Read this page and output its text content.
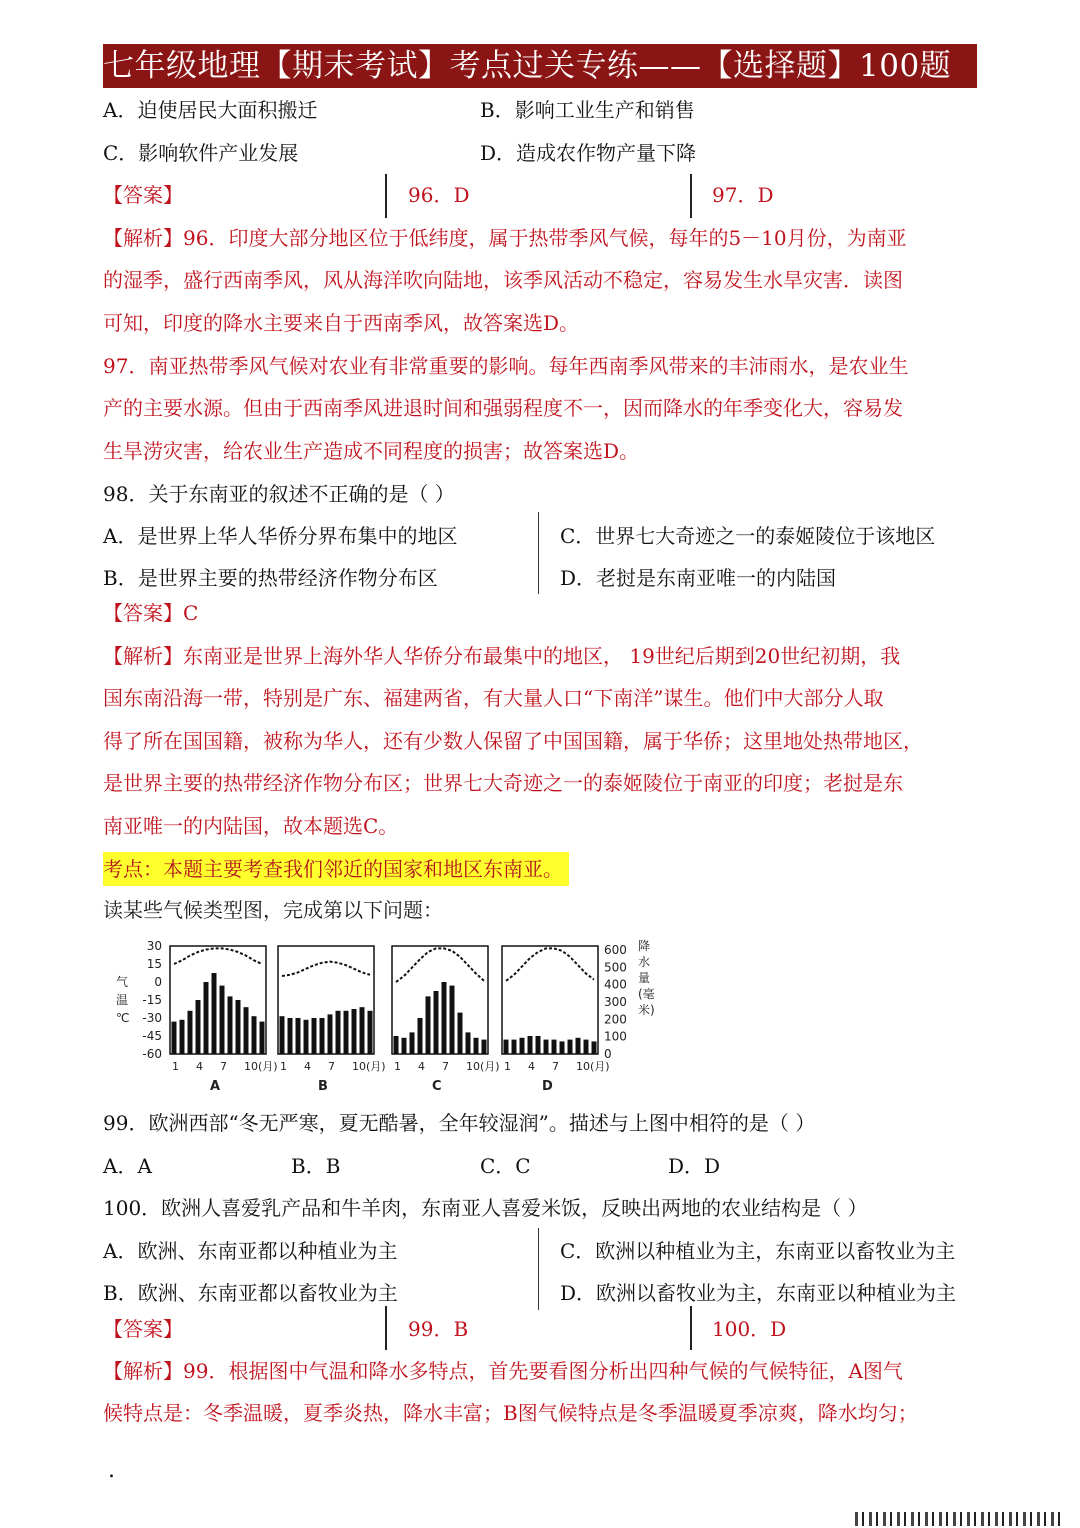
七年级地理【期末考试】考点过关专练——【选择题】100题
A．迫使居民大面积搬迁	B．影响工业生产和销售
C．影响软件产业发展	D．造成农作物产量下降
【答案】	96．D	97．D
【解析】96．印度大部分地区位于低纬度，属于热带季风气候，每年的5－10月份，为南亚
的湿季，盛行西南季风，风从海洋吹向陆地，该季风活动不稳定，容易发生水旱灾害．读图
可知，印度的降水主要来自于西南季风，故答案选D。
97．南亚热带季风气候对农业有非常重要的影响。每年西南季风带来的丰沛雨水，是农业生
产的主要水源。但由于西南季风进退时间和强弱程度不一，因而降水的年季变化大，容易发
生旱涝灾害，给农业生产造成不同程度的损害；故答案选D。
98．关于东南亚的叙述不正确的是（ ）
A．是世界上华人华侨分界布集中的地区	C．世界七大奇迹之一的泰姬陵位于该地区
B．是世界主要的热带经济作物分布区	D．老挝是东南亚唯一的内陆国
【答案】C
【解析】东南亚是世界上海外华人华侨分布最集中的地区， 19世纪后期到20世纪初期，我
国东南沿海一带，特别是广东、福建两省，有大量人口“下南洋”谋生。他们中大部分人取
得了所在国国籍，被称为华人，还有少数人保留了中国国籍，属于华侨；这里地处热带地区，
是世界主要的热带经济作物分布区；世界七大奇迹之一的泰姬陵位于南亚的印度；老挝是东
南亚唯一的内陆国，故本题选C。
考点：本题主要考查我们邻近的国家和地区东南亚。
读某些气候类型图，完成第以下问题：
30
15
0
-15
-30
-45
-60
气
温
℃
600
500
400
300
200
100
0
降
水
量
(毫
米)
1 4 7 10(月)
A
1 4 7 10(月)
B
1 4 7 10(月)
C
1 4 7 10(月)
D
99．欧洲西部“冬无严寒，夏无酷暑，全年较湿润”。描述与上图中相符的是（ ）
A．A	B．B	C．C	D．D
100．欧洲人喜爱乳产品和牛羊肉，东南亚人喜爱米饭，反映出两地的农业结构是（ ）
A．欧洲、东南亚都以种植业为主	C．欧洲以种植业为主，东南亚以畜牧业为主
B．欧洲、东南亚都以畜牧业为主	D．欧洲以畜牧业为主，东南亚以种植业为主
【答案】	99．B	100．D
【解析】99．根据图中气温和降水多特点，首先要看图分析出四种气候的气候特征，A图气
候特点是：冬季温暖，夏季炎热，降水丰富；B图气候特点是冬季温暖夏季凉爽，降水均匀；
.
